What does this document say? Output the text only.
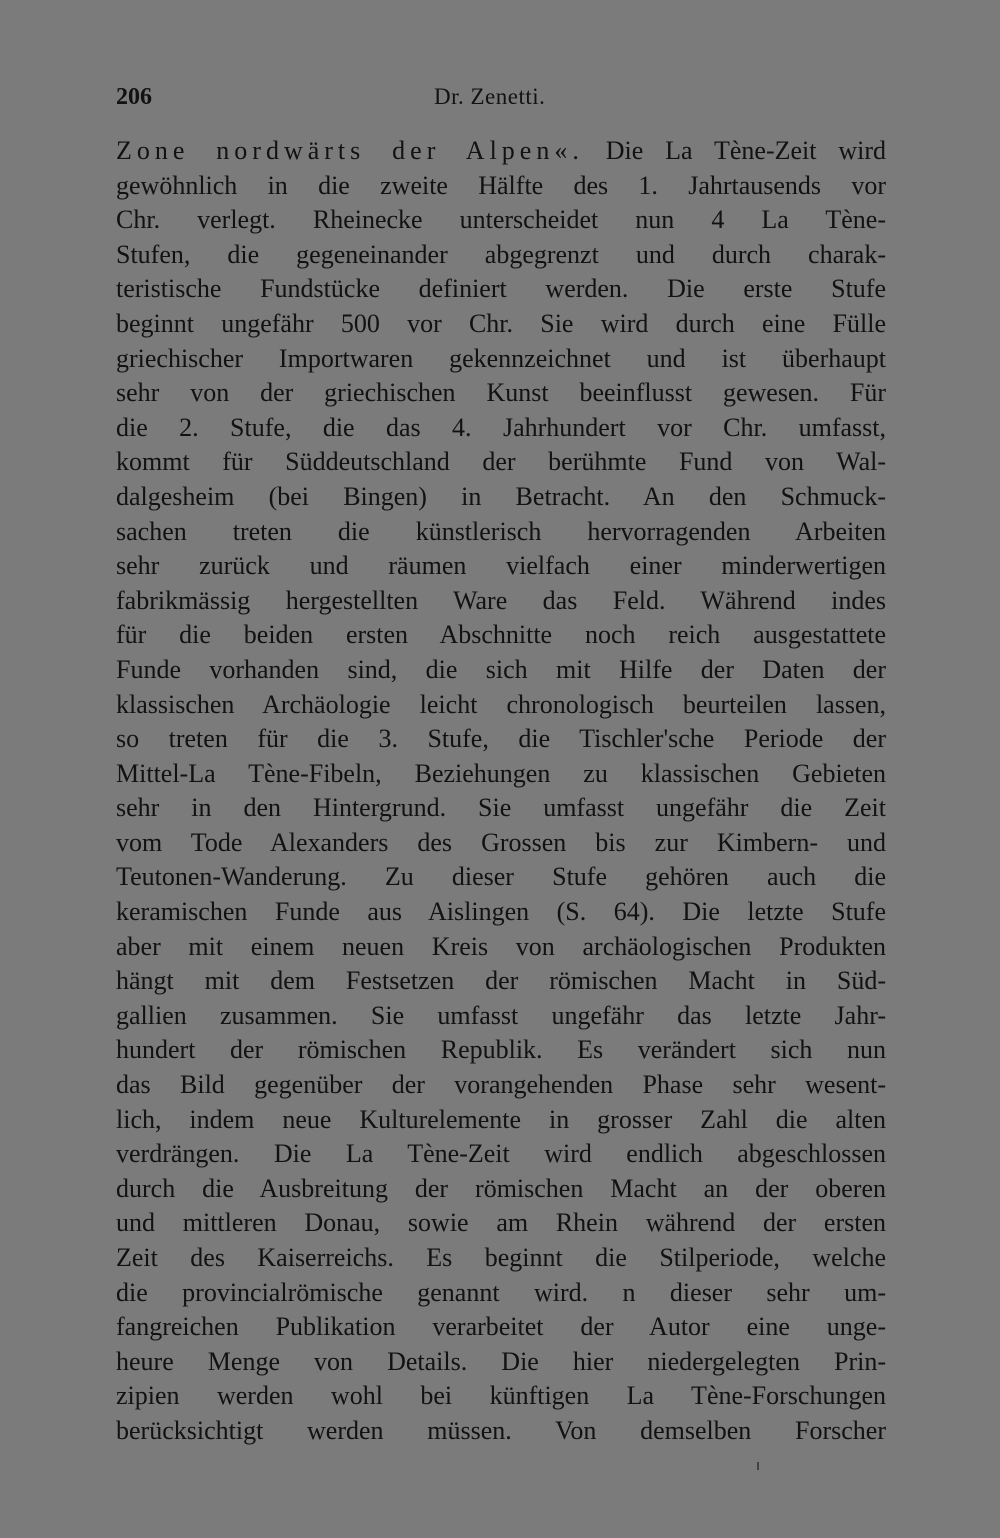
206	Dr. Zenetti.
Zone nordwärts der Alpen«. Die La Tène-Zeit wird
gewöhnlich in die zweite Hälfte des 1. Jahrtausends vor
Chr. verlegt. Rheinecke unterscheidet nun 4 La Tène-
Stufen, die gegeneinander abgegrenzt und durch charak-
teristische Fundstücke definiert werden. Die erste Stufe
beginnt ungefähr 500 vor Chr. Sie wird durch eine Fülle
griechischer Importwaren gekennzeichnet und ist überhaupt
sehr von der griechischen Kunst beeinflusst gewesen. Für
die 2. Stufe, die das 4. Jahrhundert vor Chr. umfasst,
kommt für Süddeutschland der berühmte Fund von Wal-
dalgesheim (bei Bingen) in Betracht. An den Schmuck-
sachen treten die künstlerisch hervorragenden Arbeiten
sehr zurück und räumen vielfach einer minderwertigen
fabrikmässig hergestellten Ware das Feld. Während indes
für die beiden ersten Abschnitte noch reich ausgestattete
Funde vorhanden sind, die sich mit Hilfe der Daten der
klassischen Archäologie leicht chronologisch beurteilen lassen,
so treten für die 3. Stufe, die Tischler'sche Periode der
Mittel-La Tène-Fibeln, Beziehungen zu klassischen Gebieten
sehr in den Hintergrund. Sie umfasst ungefähr die Zeit
vom Tode Alexanders des Grossen bis zur Kimbern- und
Teutonen-Wanderung. Zu dieser Stufe gehören auch die
keramischen Funde aus Aislingen (S. 64). Die letzte Stufe
aber mit einem neuen Kreis von archäologischen Produkten
hängt mit dem Festsetzen der römischen Macht in Süd-
gallien zusammen. Sie umfasst ungefähr das letzte Jahr-
hundert der römischen Republik. Es verändert sich nun
das Bild gegenüber der vorangehenden Phase sehr wesent-
lich, indem neue Kulturelemente in grosser Zahl die alten
verdrängen. Die La Tène-Zeit wird endlich abgeschlossen
durch die Ausbreitung der römischen Macht an der oberen
und mittleren Donau, sowie am Rhein während der ersten
Zeit des Kaiserreichs. Es beginnt die Stilperiode, welche
die provincialrömische genannt wird. n dieser sehr um-
fangreichen Publikation verarbeitet der Autor eine unge-
heure Menge von Details. Die hier niedergelegten Prin-
zipien werden wohl bei künftigen La Tène-Forschungen
berücksichtigt werden müssen. Von demselben Forscher
